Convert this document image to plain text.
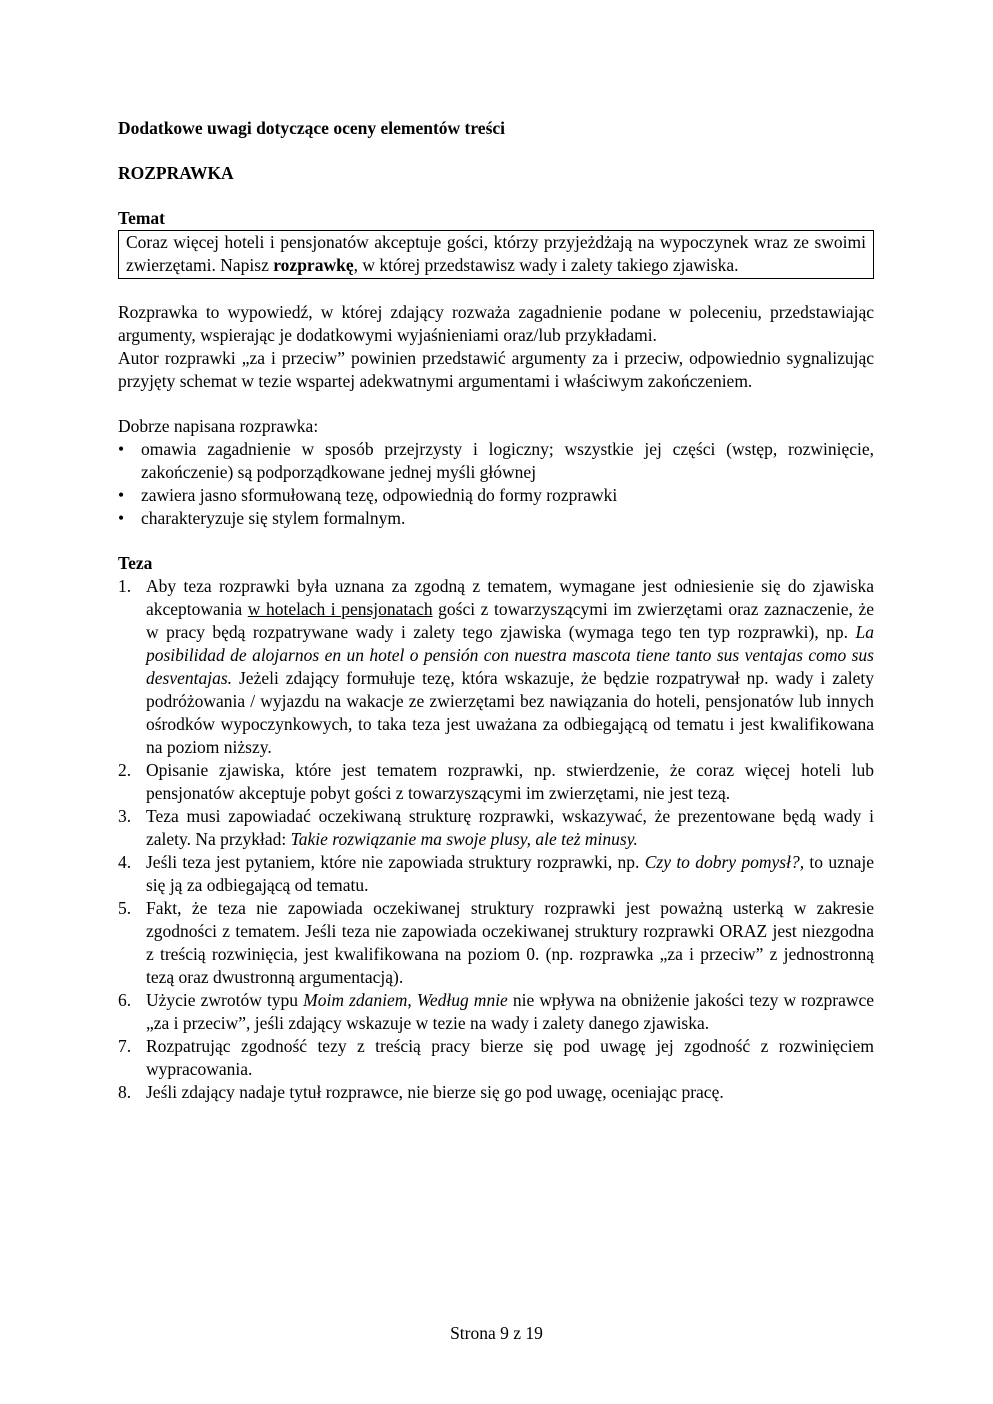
Dodatkowe uwagi dotyczące oceny elementów treści

ROZPRAWKA

Temat

Coraz więcej hoteli i pensjonatów akceptuje gości, którzy przyjeżdżają na wypoczynek wraz ze swoimi zwierzętami. Napisz rozprawkę, w której przedstawisz wady i zalety takiego zjawiska.

Rozprawka to wypowiedź, w której zdający rozważa zagadnienie podane w poleceniu, przedstawiając argumenty, wspierając je dodatkowymi wyjaśnieniami oraz/lub przykładami.

Autor rozprawki „za i przeciw” powinien przedstawić argumenty za i przeciw, odpowiednio sygnalizując przyjęty schemat w tezie wspartej adekwatnymi argumentami i właściwym zakończeniem.

Dobrze napisana rozprawka:

• omawia zagadnienie w sposób przejrzysty i logiczny; wszystkie jej części (wstęp, rozwinięcie, zakończenie) są podporządkowane jednej myśli głównej
• zawiera jasno sformułowaną tezę, odpowiednią do formy rozprawki
• charakteryzuje się stylem formalnym.

Teza

1. Aby teza rozprawki była uznana za zgodną z tematem, wymagane jest odniesienie się do zjawiska akceptowania w hotelach i pensjonatach gości z towarzyszącymi im zwierzętami oraz zaznaczenie, że w pracy będą rozpatrywane wady i zalety tego zjawiska (wymaga tego ten typ rozprawki), np. La posibilidad de alojarnos en un hotel o pensión con nuestra mascota tiene tanto sus ventajas como sus desventajas. Jeżeli zdający formułuje tezę, która wskazuje, że będzie rozpatrywał np. wady i zalety podróżowania / wyjazdu na wakacje ze zwierzętami bez nawiązania do hoteli, pensjonatów lub innych ośrodków wypoczynkowych, to taka teza jest uważana za odbiegającą od tematu i jest kwalifikowana na poziom niższy.
2. Opisanie zjawiska, które jest tematem rozprawki, np. stwierdzenie, że coraz więcej hoteli lub pensjonatów akceptuje pobyt gości z towarzyszącymi im zwierzętami, nie jest tezą.
3. Teza musi zapowiadać oczekiwaną strukturę rozprawki, wskazywać, że prezentowane będą wady i zalety. Na przykład: Takie rozwiązanie ma swoje plusy, ale też minusy.
4. Jeśli teza jest pytaniem, które nie zapowiada struktury rozprawki, np. Czy to dobry pomysł?, to uznaje się ją za odbiegającą od tematu.
5. Fakt, że teza nie zapowiada oczekiwanej struktury rozprawki jest poważną usterką w zakresie zgodności z tematem. Jeśli teza nie zapowiada oczekiwanej struktury rozprawki ORAZ jest niezgodna z treścią rozwinięcia, jest kwalifikowana na poziom 0. (np. rozprawka „za i przeciw” z jednostronną tezą oraz dwustronną argumentacją).
6. Użycie zwrotów typu Moim zdaniem, Według mnie nie wpływa na obniżenie jakości tezy w rozprawce „za i przeciw”, jeśli zdający wskazuje w tezie na wady i zalety danego zjawiska.
7. Rozpatrując zgodność tezy z treścią pracy bierze się pod uwagę jej zgodność z rozwinięciem wypracowania.
8. Jeśli zdający nadaje tytuł rozprawce, nie bierze się go pod uwagę, oceniając pracę.
Strona 9 z 19
